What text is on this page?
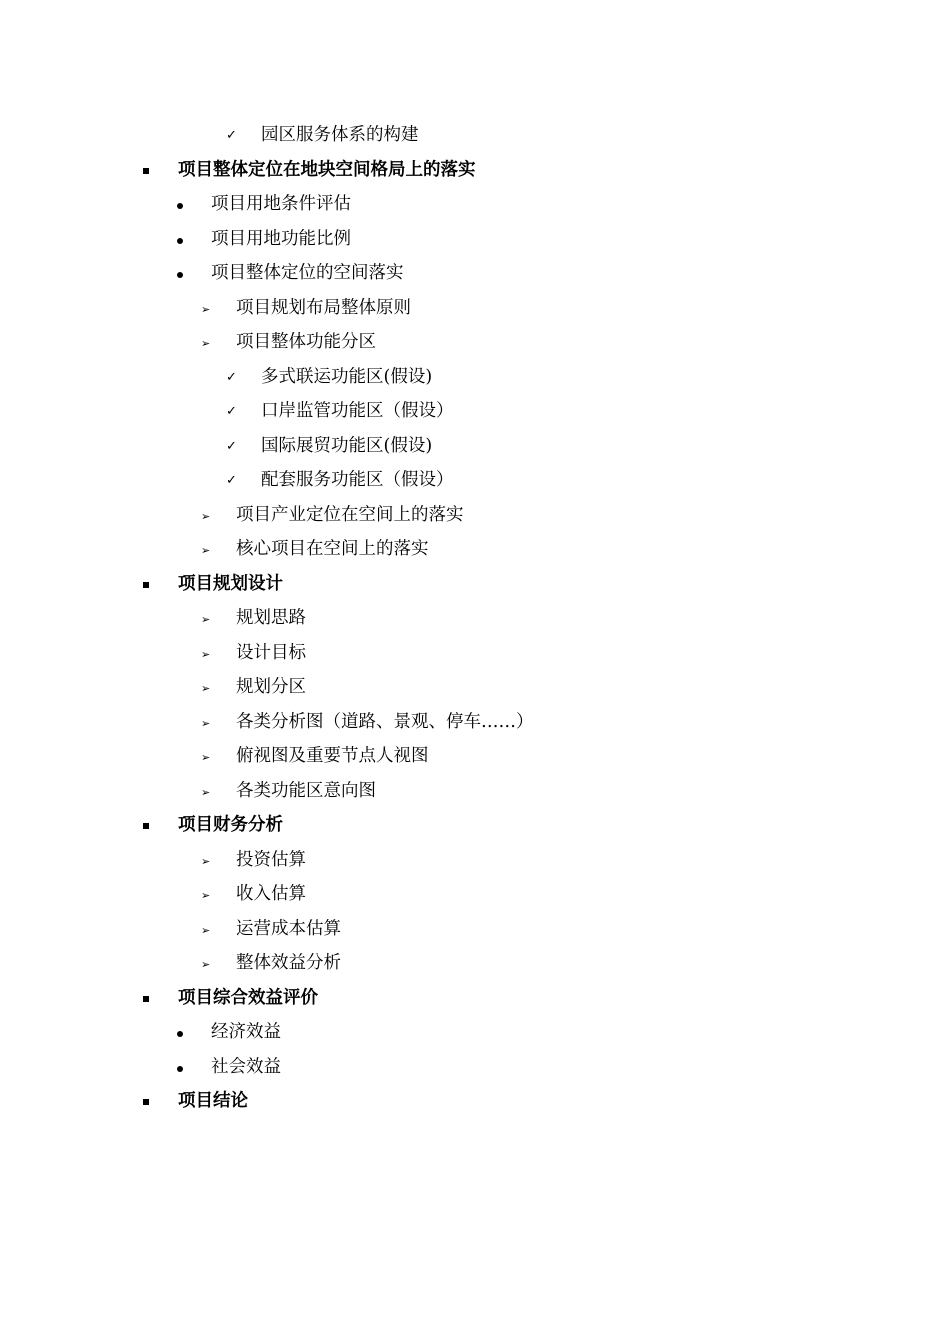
✓ 园区服务体系的构建
项目整体定位在地块空间格局上的落实
项目用地条件评估
项目用地功能比例
项目整体定位的空间落实
➢ 项目规划布局整体原则
➢ 项目整体功能分区
✓ 多式联运功能区(假设)
✓ 口岸监管功能区（假设）
✓ 国际展贸功能区(假设)
✓ 配套服务功能区（假设）
➢ 项目产业定位在空间上的落实
➢ 核心项目在空间上的落实
项目规划设计
➢ 规划思路
➢ 设计目标
➢ 规划分区
➢ 各类分析图（道路、景观、停车……）
➢ 俯视图及重要节点人视图
➢ 各类功能区意向图
项目财务分析
➢ 投资估算
➢ 收入估算
➢ 运营成本估算
➢ 整体效益分析
项目综合效益评价
经济效益
社会效益
项目结论
